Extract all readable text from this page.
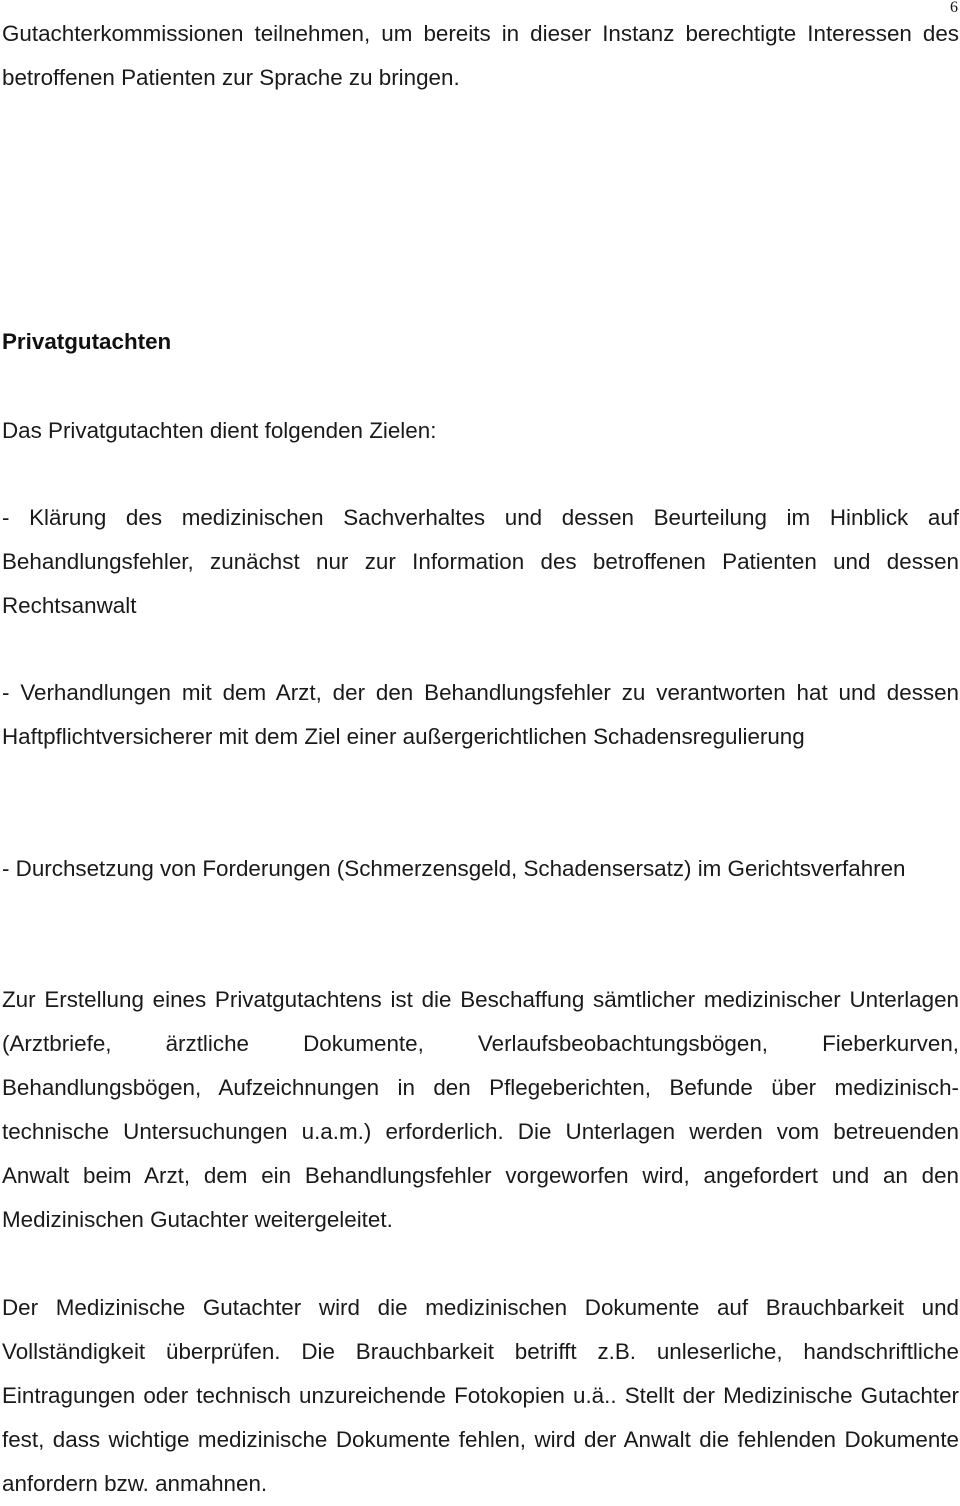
6

Gutachterkommissionen teilnehmen, um bereits in dieser Instanz berechtigte Interessen des betroffenen Patienten zur Sprache zu bringen.

Privatgutachten

Das Privatgutachten dient folgenden Zielen:

- Klärung des medizinischen Sachverhaltes und dessen Beurteilung im Hinblick auf Behandlungsfehler, zunächst nur zur Information des betroffenen Patienten und dessen Rechtsanwalt

- Verhandlungen mit dem Arzt, der den Behandlungsfehler zu verantworten hat und dessen Haftpflichtversicherer mit dem Ziel einer außergerichtlichen Schadensregulierung

- Durchsetzung von Forderungen (Schmerzensgeld, Schadensersatz) im Gerichtsverfahren

Zur Erstellung eines Privatgutachtens ist die Beschaffung sämtlicher medizinischer Unterlagen (Arztbriefe, ärztliche Dokumente, Verlaufsbeobachtungsbögen, Fieberkurven, Behandlungsbögen, Aufzeichnungen in den Pflegeberichten, Befunde über medizinisch-technische Untersuchungen u.a.m.) erforderlich. Die Unterlagen werden vom betreuenden Anwalt beim Arzt, dem ein Behandlungsfehler vorgeworfen wird, angefordert und an den Medizinischen Gutachter weitergeleitet.

Der Medizinische Gutachter wird die medizinischen Dokumente auf Brauchbarkeit und Vollständigkeit überprüfen. Die Brauchbarkeit betrifft z.B. unleserliche, handschriftliche Eintragungen oder technisch unzureichende Fotokopien u.ä.. Stellt der Medizinische Gutachter fest, dass wichtige medizinische Dokumente fehlen, wird der Anwalt die fehlenden Dokumente anfordern bzw. anmahnen.
